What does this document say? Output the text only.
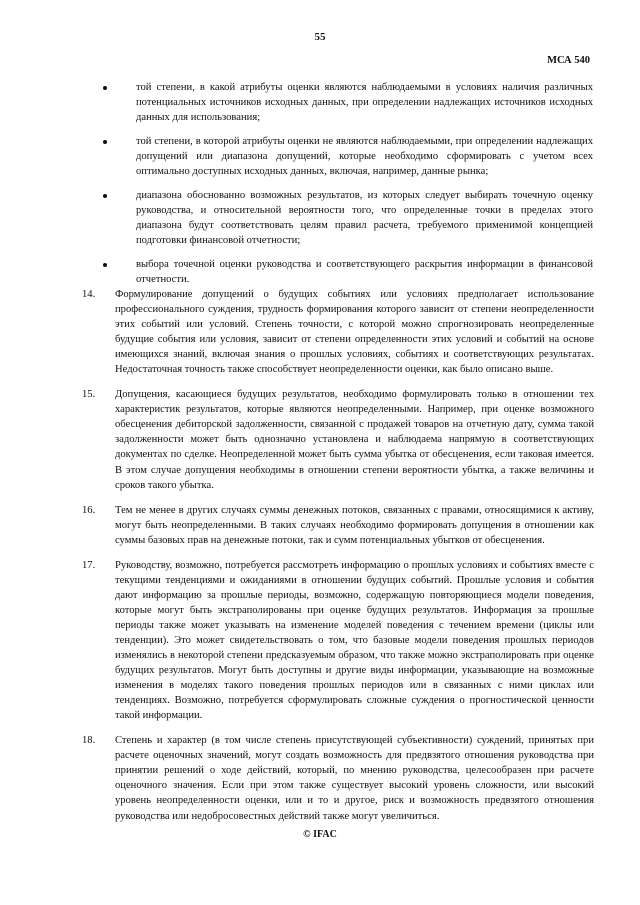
55
МСА 540
той степени, в какой атрибуты оценки являются наблюдаемыми в условиях наличия различных потенциальных источников исходных данных, при определении надлежащих источников исходных данных для использования;
той степени, в которой атрибуты оценки не являются наблюдаемыми, при определении надлежащих допущений или диапазона допущений, которые необходимо сформировать с учетом всех оптимально доступных исходных данных, включая, например, данные рынка;
диапазона обоснованно возможных результатов, из которых следует выбирать точечную оценку руководства, и относительной вероятности того, что определенные точки в пределах этого диапазона будут соответствовать целям правил расчета, требуемого применимой концепцией подготовки финансовой отчетности;
выбора точечной оценки руководства и соответствующего раскрытия информации в финансовой отчетности.
14. Формулирование допущений о будущих событиях или условиях предполагает использование профессионального суждения, трудность формирования которого зависит от степени неопределенности этих событий или условий. Степень точности, с которой можно спрогнозировать неопределенные будущие события или условия, зависит от степени определенности этих условий и событий на основе имеющихся знаний, включая знания о прошлых условиях, событиях и соответствующих результатах. Недостаточная точность также способствует неопределенности оценки, как было описано выше.
15. Допущения, касающиеся будущих результатов, необходимо формулировать только в отношении тех характеристик результатов, которые являются неопределенными. Например, при оценке возможного обесценения дебиторской задолженности, связанной с продажей товаров на отчетную дату, сумма такой задолженности может быть однозначно установлена и наблюдаема напрямую в соответствующих документах по сделке. Неопределенной может быть сумма убытка от обесценения, если таковая имеется. В этом случае допущения необходимы в отношении степени вероятности убытка, а также величины и сроков такого убытка.
16. Тем не менее в других случаях суммы денежных потоков, связанных с правами, относящимися к активу, могут быть неопределенными. В таких случаях необходимо формировать допущения в отношении как суммы базовых прав на денежные потоки, так и сумм потенциальных убытков от обесценения.
17. Руководству, возможно, потребуется рассмотреть информацию о прошлых условиях и событиях вместе с текущими тенденциями и ожиданиями в отношении будущих событий. Прошлые условия и события дают информацию за прошлые периоды, возможно, содержащую повторяющиеся модели поведения, которые могут быть экстраполированы при оценке будущих результатов. Информация за прошлые периоды также может указывать на изменение моделей поведения с течением времени (циклы или тенденции). Это может свидетельствовать о том, что базовые модели поведения прошлых периодов изменялись в некоторой степени предсказуемым образом, что также можно экстраполировать при оценке будущих результатов. Могут быть доступны и другие виды информации, указывающие на возможные изменения в моделях такого поведения прошлых периодов или в связанных с ними циклах или тенденциях. Возможно, потребуется сформулировать сложные суждения о прогностической ценности такой информации.
18. Степень и характер (в том числе степень присутствующей субъективности) суждений, принятых при расчете оценочных значений, могут создать возможность для предвзятого отношения руководства при принятии решений о ходе действий, который, по мнению руководства, целесообразен при расчете оценочного значения. Если при этом также существует высокий уровень сложности, или высокий уровень неопределенности оценки, или и то и другое, риск и возможность предвзятого отношения руководства или недобросовестных действий также могут увеличиться.
© IFAC
